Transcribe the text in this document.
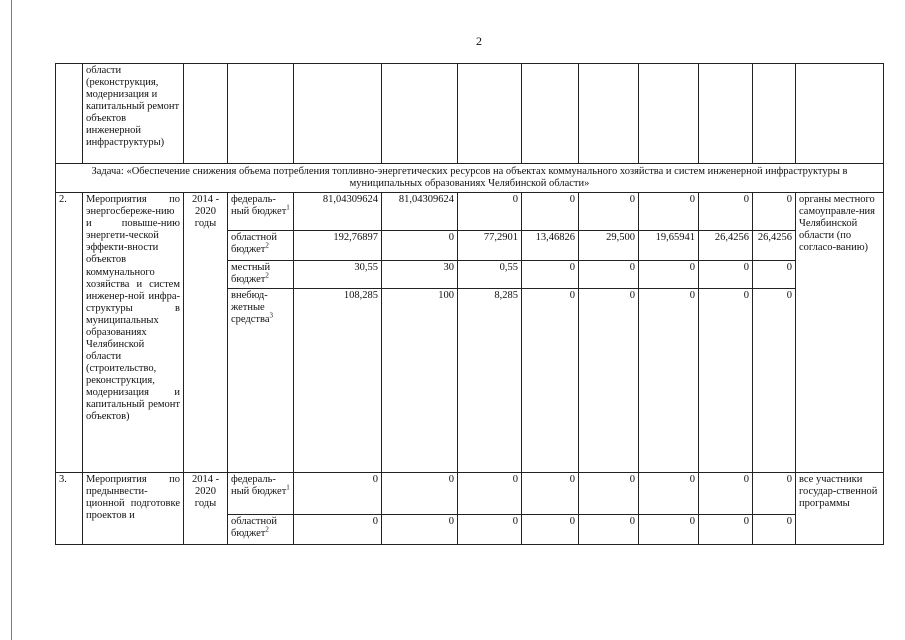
2
	области (реконструкция, модернизация и капитальный ремонт объектов инженерной инфраструктуры)											
Задача: «Обеспечение снижения объема потребления топливно-энергетических ресурсов на объектах коммунального хозяйства и систем инженерной инфраструктуры в муниципальных образованиях Челябинской области»												
2.	Мероприятия по энергосбереже-нию и повыше-нию энергети-ческой эффекти-вности объектов коммунального хозяйства и систем инженер-ной инфра-структуры в муниципальных образованиях Челябинской области (строительство, реконструкция, модернизация и капитальный ремонт объектов)	2014 - 2020 годы	федераль-ный бюджет$^1$	81,04309624	81,04309624	0	0	0	0	0	0	органы местного самоуправле-ния Челябинской области (по согласо-ванию)
			областной бюджет$^2$	192,76897	0	77,2901	13,46826	29,500	19,65941	26,4256	26,4256	
			местный бюджет$^2$	30,55	30	0,55	0	0	0	0	0	
			внебюд-жетные средства$^3$	108,285	100	8,285	0	0	0	0	0	
3.	Мероприятия по предынвести-ционной подготовке проектов и	2014 - 2020 годы	федераль-ный бюджет$^1$	0	0	0	0	0	0	0	0	все участники государ-ственной программы
			областной бюджет$^2$	0	0	0	0	0	0	0	0	
